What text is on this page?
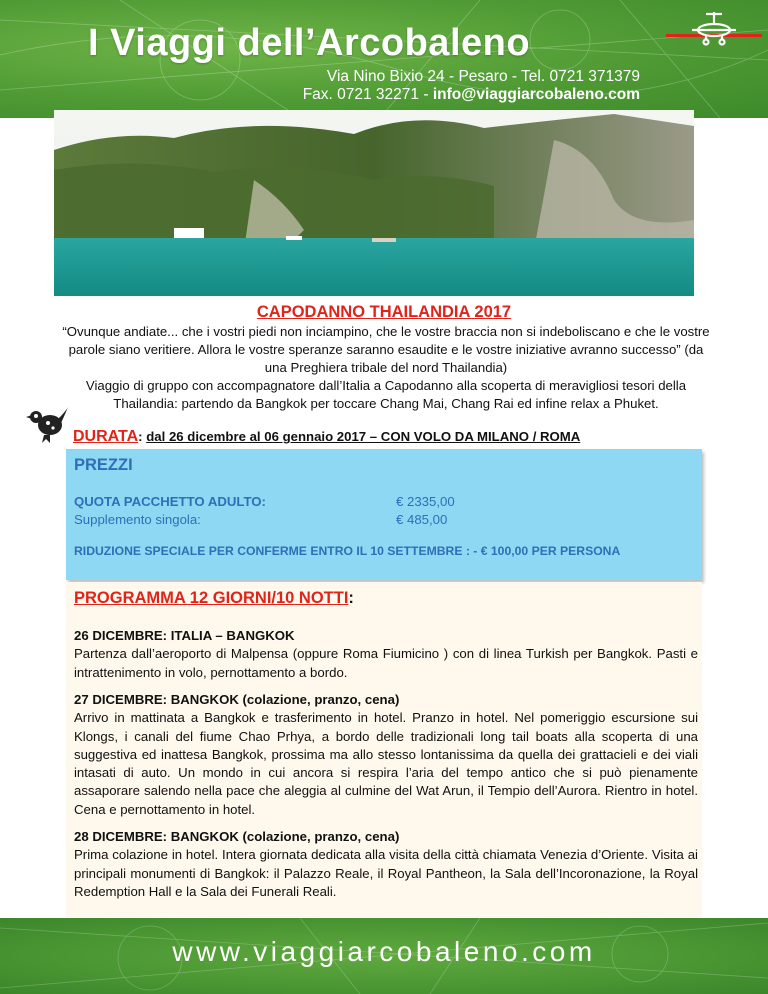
I Viaggi dell’Arcobaleno
Via Nino Bixio 24 - Pesaro - Tel. 0721 371379
Fax. 0721 32271 - info@viaggiarcobaleno.com
CAPODANNO THAILANDIA 2017
“Ovunque andiate... che i vostri piedi non inciampino, che le vostre braccia non si indeboliscano e che le vostre parole siano veritiere. Allora le vostre speranze saranno esaudite e le vostre iniziative avranno successo” (da una Preghiera tribale del nord Thailandia)
Viaggio di gruppo con accompagnatore dall’Italia a Capodanno alla scoperta di meravigliosi tesori della Thailandia: partendo da Bangkok per toccare Chang Mai, Chang Rai ed infine relax a Phuket.
DURATA: dal 26 dicembre al 06 gennaio 2017 – CON VOLO DA MILANO / ROMA
PREZZI
QUOTA PACCHETTO ADULTO:	€ 2335,00
Supplemento singola:	€ 485,00
RIDUZIONE SPECIALE PER CONFERME ENTRO IL 10 SETTEMBRE : - € 100,00 PER PERSONA
PROGRAMMA 12 GIORNI/10 NOTTI:
26 DICEMBRE: ITALIA – BANGKOK
Partenza dall’aeroporto di Malpensa (oppure Roma Fiumicino ) con di linea Turkish per Bangkok. Pasti e intrattenimento in volo, pernottamento a bordo.
27 DICEMBRE: BANGKOK (colazione, pranzo, cena)
Arrivo in mattinata a Bangkok e trasferimento in hotel. Pranzo in hotel. Nel pomeriggio escursione sui Klongs, i canali del fiume Chao Prhya, a bordo delle tradizionali long tail boats alla scoperta di una suggestiva ed inattesa Bangkok, prossima ma allo stesso lontanissima da quella dei grattacieli e dei viali intasati di auto. Un mondo in cui ancora si respira l’aria del tempo antico che si può pienamente assaporare salendo nella pace che aleggia al culmine del Wat Arun, il Tempio dell’Aurora. Rientro in hotel. Cena e pernottamento in hotel.
28 DICEMBRE: BANGKOK (colazione, pranzo, cena)
Prima colazione in hotel. Intera giornata dedicata alla visita della città chiamata Venezia d’Oriente. Visita ai principali monumenti di Bangkok: il Palazzo Reale, il Royal Pantheon, la Sala dell’Incoronazione, la Royal Redemption Hall e la Sala dei Funerali Reali.
www.viaggiarcobaleno.com
